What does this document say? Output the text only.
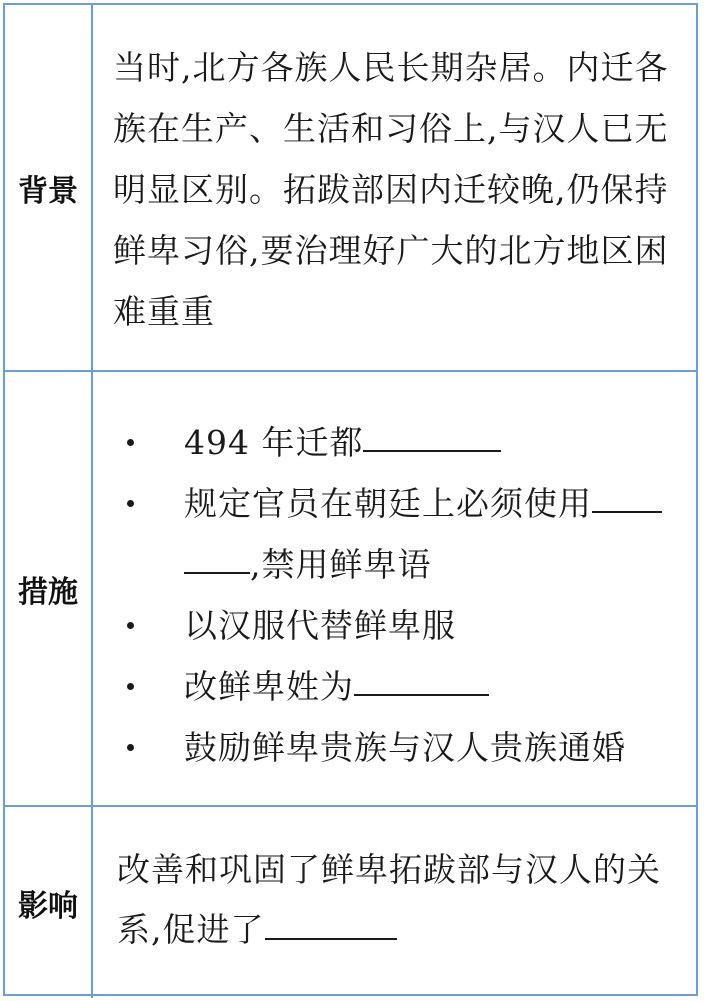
背景
当时,北方各族人民长期杂居。内迁各族在生产、生活和习俗上,与汉人已无明显区别。拓跋部因内迁较晚,仍保持鲜卑习俗,要治理好广大的北方地区困难重重
措施
494 年迁都
规定官员在朝廷上必须使用
,禁用鲜卑语
以汉服代替鲜卑服
改鲜卑姓为
鼓励鲜卑贵族与汉人贵族通婚
影响
改善和巩固了鲜卑拓跋部与汉人的关系,促进了
